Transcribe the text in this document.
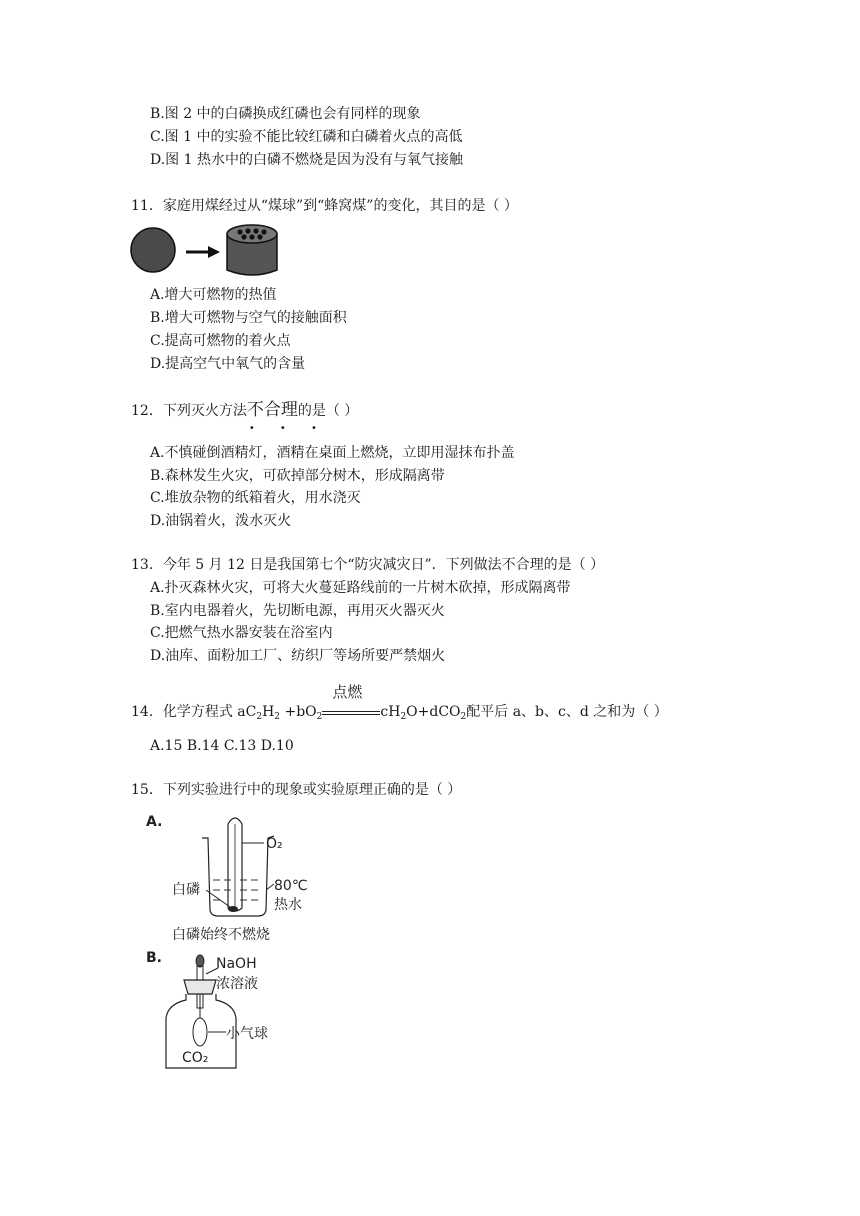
B.图 2 中的白磷换成红磷也会有同样的现象
C.图 1 中的实验不能比较红磷和白磷着火点的高低
D.图 1 热水中的白磷不燃烧是因为没有与氧气接触
11．家庭用煤经过从“煤球”到“蜂窝煤”的变化，其目的是（ ）
A.增大可燃物的热值
B.增大可燃物与空气的接触面积
C.提高可燃物的着火点
D.提高空气中氧气的含量
12．下列灭火方法不合理
• • •
的是（ ）
A.不慎碰倒酒精灯，酒精在桌面上燃烧，立即用湿抹布扑盖
B.森林发生火灾，可砍掉部分树木，形成隔离带
C.堆放杂物的纸箱着火，用水浇灭
D.油锅着火，泼水灭火
13．今年 5 月 12 日是我国第七个“防灾减灾日”．下列做法不合理的是（ ）
A.扑灭森林火灾，可将大火蔓延路线前的一片树木砍掉，形成隔离带
B.室内电器着火，先切断电源，再用灭火器灭火
C.把燃气热水器安装在浴室内
D.油库、面粉加工厂、纺织厂等场所要严禁烟火
14．化学方程式 $aC_2H_2 +bO_2$
点燃
$cH_2O+dCO_2$配平后 a、b、c、d 之和为（ ）
A.15 B.14 C.13 D.10
15．下列实验进行中的现象或实验原理正确的是（ ）
A.
O₂
白磷	80℃
热水
白磷始终不燃烧
B.	NaOH
浓溶液
小气球
CO₂
